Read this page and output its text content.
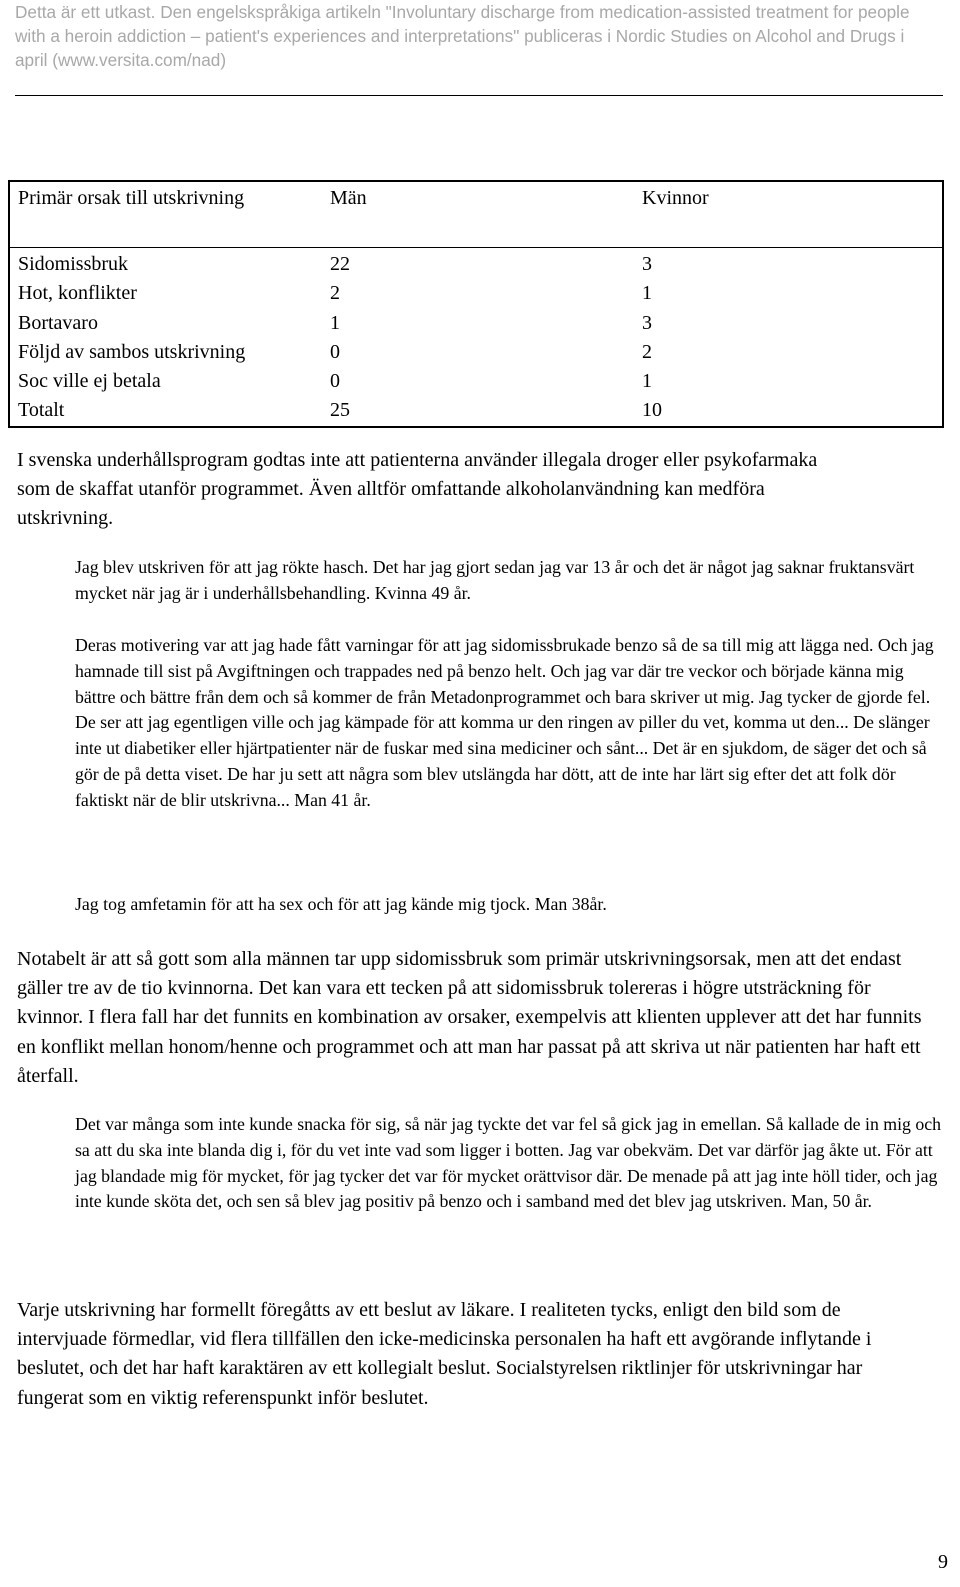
Detta är ett utkast. Den engelskspråkiga artikeln "Involuntary discharge from medication-assisted treatment for people with a heroin addiction – patient's experiences and interpretations" publiceras i Nordic Studies on Alcohol and Drugs i april (www.versita.com/nad)
Primär orsak till utskrivning	Män	Kvinnor
Sidomissbruk	22	3
Hot, konflikter	2	1
Bortavaro	1	3
Följd av sambos utskrivning	0	2
Soc ville ej betala	0	1
Totalt	25	10
I svenska underhållsprogram godtas inte att patienterna använder illegala droger eller psykofarmaka som de skaffat utanför programmet. Även alltför omfattande alkoholanvändning kan medföra utskrivning.
Jag blev utskriven för att jag rökte hasch. Det har jag gjort sedan jag var 13 år och det är något jag saknar fruktansvärt mycket när jag är i underhållsbehandling. Kvinna 49 år.
Deras motivering var att jag hade fått varningar för att jag sidomissbrukade benzo så de sa till mig att lägga ned. Och jag hamnade till sist på Avgiftningen och trappades ned på benzo helt. Och jag var där tre veckor och började känna mig bättre och bättre från dem och så kommer de från Metadonprogrammet och bara skriver ut mig. Jag tycker de gjorde fel. De ser att jag egentligen ville och jag kämpade för att komma ur den ringen av piller du vet, komma ut den... De slänger inte ut diabetiker eller hjärtpatienter när de fuskar med sina mediciner och sånt... Det är en sjukdom, de säger det och så gör de på detta viset. De har ju sett att några som blev utslängda har dött, att de inte har lärt sig efter det att folk dör faktiskt när de blir utskrivna... Man 41 år.
Jag tog amfetamin för att ha sex och för att jag kände mig tjock. Man 38år.
Notabelt är att så gott som alla männen tar upp sidomissbruk som primär utskrivningsorsak, men att det endast gäller tre av de tio kvinnorna. Det kan vara ett tecken på att sidomissbruk tolereras i högre utsträckning för kvinnor. I flera fall har det funnits en kombination av orsaker, exempelvis att klienten upplever att det har funnits en konflikt mellan honom/henne och programmet och att man har passat på att skriva ut när patienten har haft ett återfall.
Det var många som inte kunde snacka för sig, så när jag tyckte det var fel så gick jag in emellan. Så kallade de in mig och sa att du ska inte blanda dig i, för du vet inte vad som ligger i botten. Jag var obekväm. Det var därför jag åkte ut. För att jag blandade mig för mycket, för jag tycker det var för mycket orättvisor där. De menade på att jag inte höll tider, och jag inte kunde sköta det, och sen så blev jag positiv på benzo och i samband med det blev jag utskriven. Man, 50 år.
Varje utskrivning har formellt föregåtts av ett beslut av läkare. I realiteten tycks, enligt den bild som de intervjuade förmedlar, vid flera tillfällen den icke-medicinska personalen ha haft ett avgörande inflytande i beslutet, och det har haft karaktären av ett kollegialt beslut. Socialstyrelsen riktlinjer för utskrivningar har fungerat som en viktig referenspunkt inför beslutet.
9
